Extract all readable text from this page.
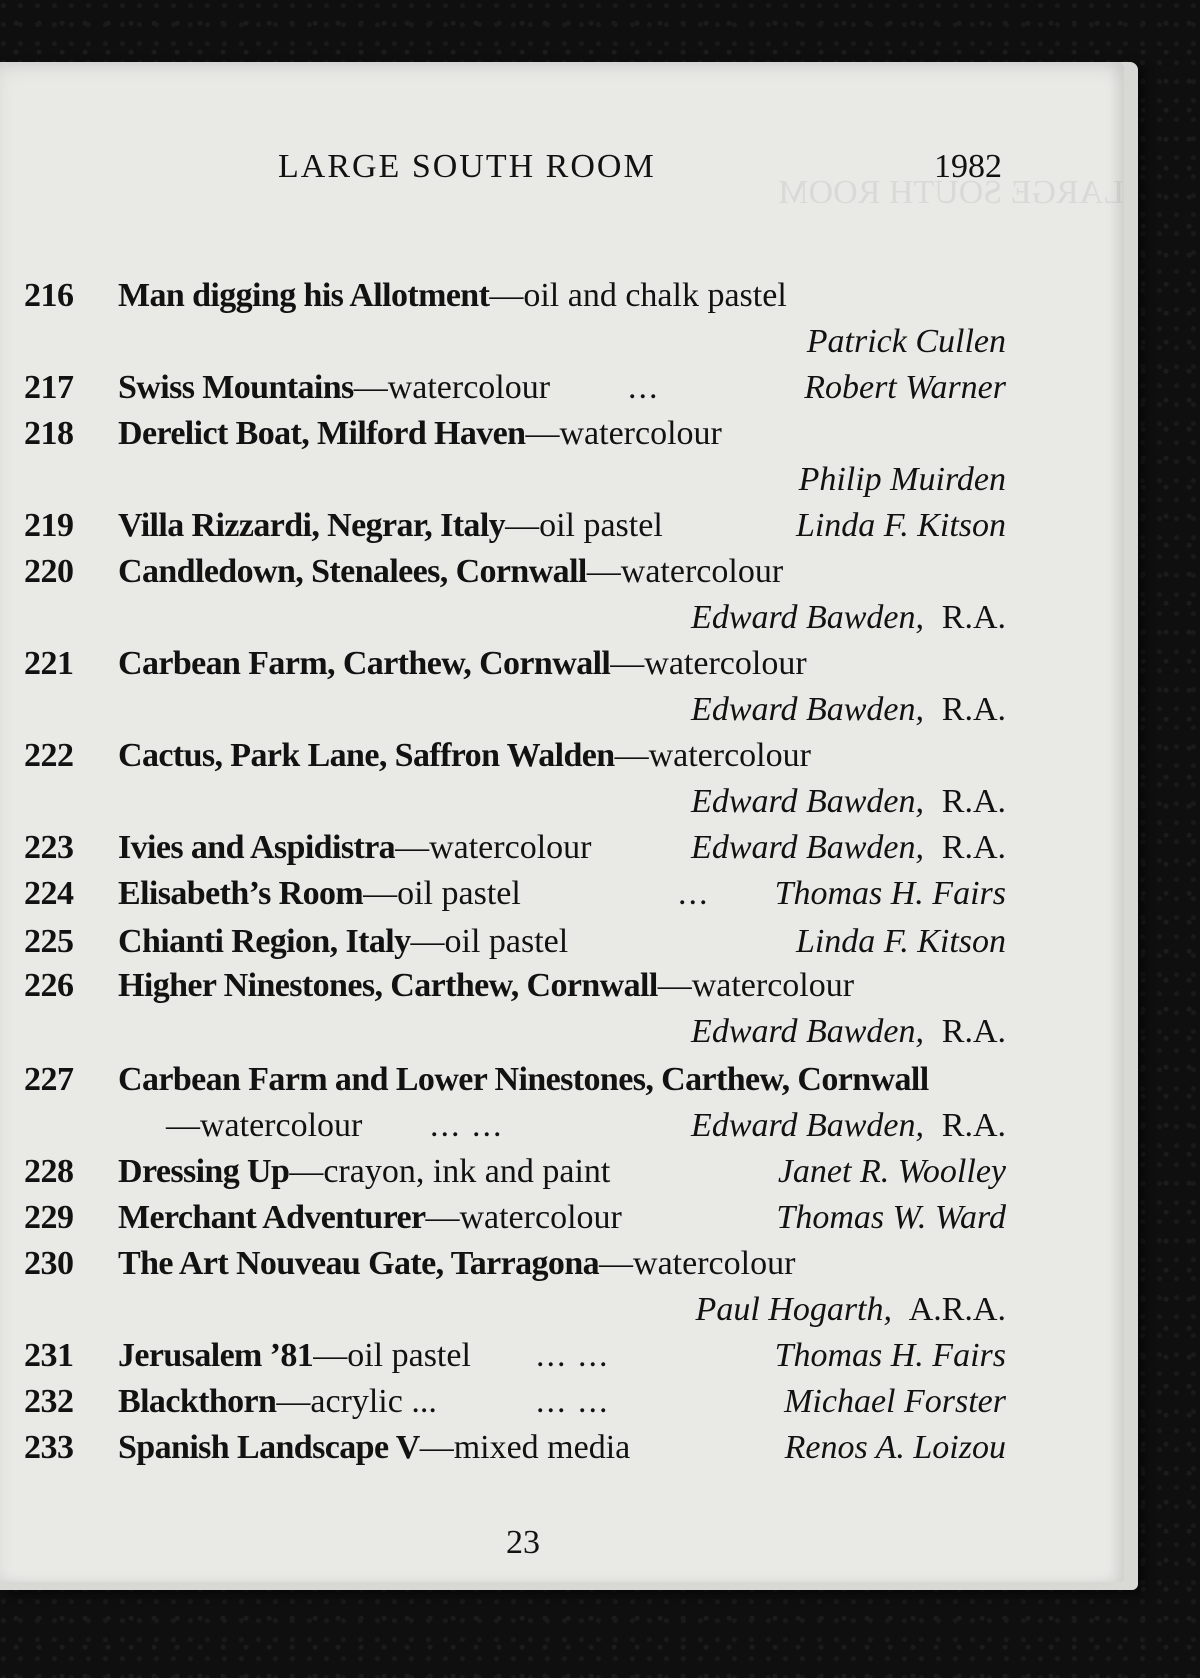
LARGE SOUTH ROOM
LARGE SOUTH ROOM	1982
216 Man digging his Allotment—oil and chalk pastel
Patrick Cullen
217 Swiss Mountains—watercolour ...	Robert Warner
218 Derelict Boat, Milford Haven—watercolour
Philip Muirden
219 Villa Rizzardi, Negrar, Italy—oil pastel	Linda F. Kitson
220 Candledown, Stenalees, Cornwall—watercolour
Edward Bawden, R.A.
221 Carbean Farm, Carthew, Cornwall—watercolour
Edward Bawden, R.A.
222 Cactus, Park Lane, Saffron Walden—watercolour
Edward Bawden, R.A.
223 Ivies and Aspidistra—watercolour	Edward Bawden, R.A.
224 Elisabeth’s Room—oil pastel	... Thomas H. Fairs
225 Chianti Region, Italy—oil pastel	Linda F. Kitson
226 Higher Ninestones, Carthew, Cornwall—watercolour
Edward Bawden, R.A.
227 Carbean Farm and Lower Ninestones, Carthew, Cornwall
—watercolour ... ...	Edward Bawden, R.A.
228 Dressing Up—crayon, ink and paint	Janet R. Woolley
229 Merchant Adventurer—watercolour	Thomas W. Ward
230 The Art Nouveau Gate, Tarragona—watercolour
Paul Hogarth, A.R.A.
231 Jerusalem ’81—oil pastel ... ...	Thomas H. Fairs
232 Blackthorn—acrylic ...	... ...	Michael Forster
233 Spanish Landscape V—mixed media	Renos A. Loizou
23
